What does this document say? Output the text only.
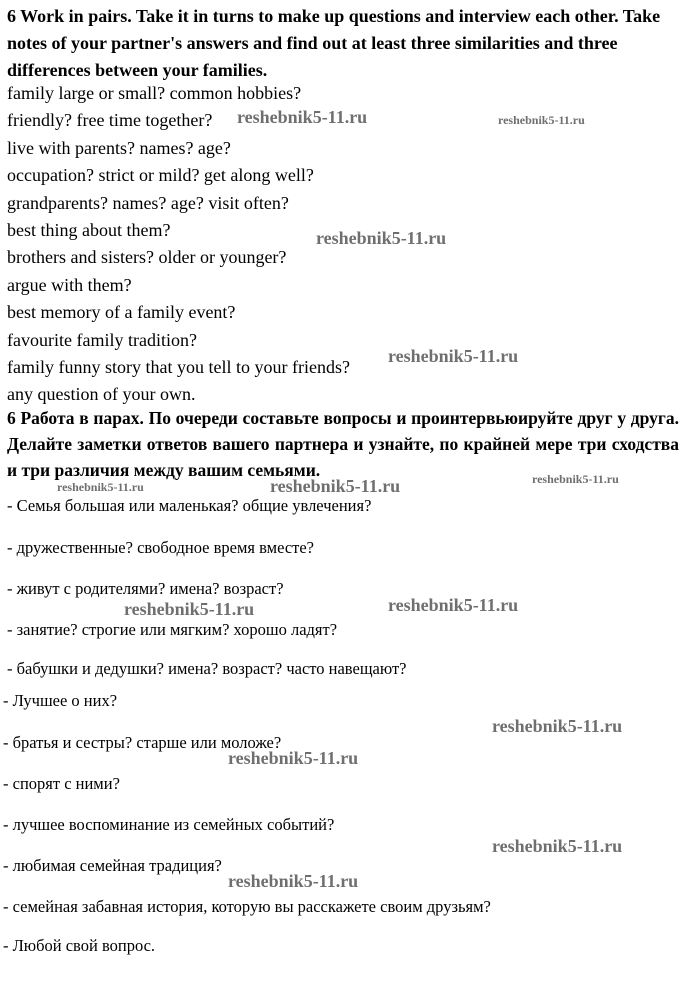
6 Work in pairs. Take it in turns to make up questions and interview each other. Take notes of your partner's answers and find out at least three similarities and three differences between your families.

family large or small? common hobbies?
friendly? free time together?
live with parents? names? age?
occupation? strict or mild? get along well?
grandparents? names? age? visit often?
best thing about them?
brothers and sisters? older or younger?
argue with them?
best memory of a family event?
favourite family tradition?
family funny story that you tell to your friends?
any question of your own.

6 Работа в парах. По очереди составьте вопросы и проинтервьюируйте друг у друга. Делайте заметки ответов вашего партнера и узнайте, по крайней мере три сходства и три различия между вашим семьями.

- Семья большая или маленькая? общие увлечения?
- дружественные? свободное время вместе?
- живут с родителями? имена? возраст?
- занятие? строгие или мягким? хорошо ладят?
- бабушки и дедушки? имена? возраст? часто навещают?
- Лучшее о них?
- братья и сестры? старше или моложе?
- спорят с ними?
- лучшее воспоминание из семейных событий?
- любимая семейная традиция?
- семейная забавная история, которую вы расскажете своим друзьям?
- Любой свой вопрос.
reshebnik5-11.ru	reshebnik5-11.ru
reshebnik5-11.ru
reshebnik5-11.ru
reshebnik5-11.ru	reshebnik5-11.ru	reshebnik5-11.ru
reshebnik5-11.ru	reshebnik5-11.ru
reshebnik5-11.ru
reshebnik5-11.ru
reshebnik5-11.ru
reshebnik5-11.ru
